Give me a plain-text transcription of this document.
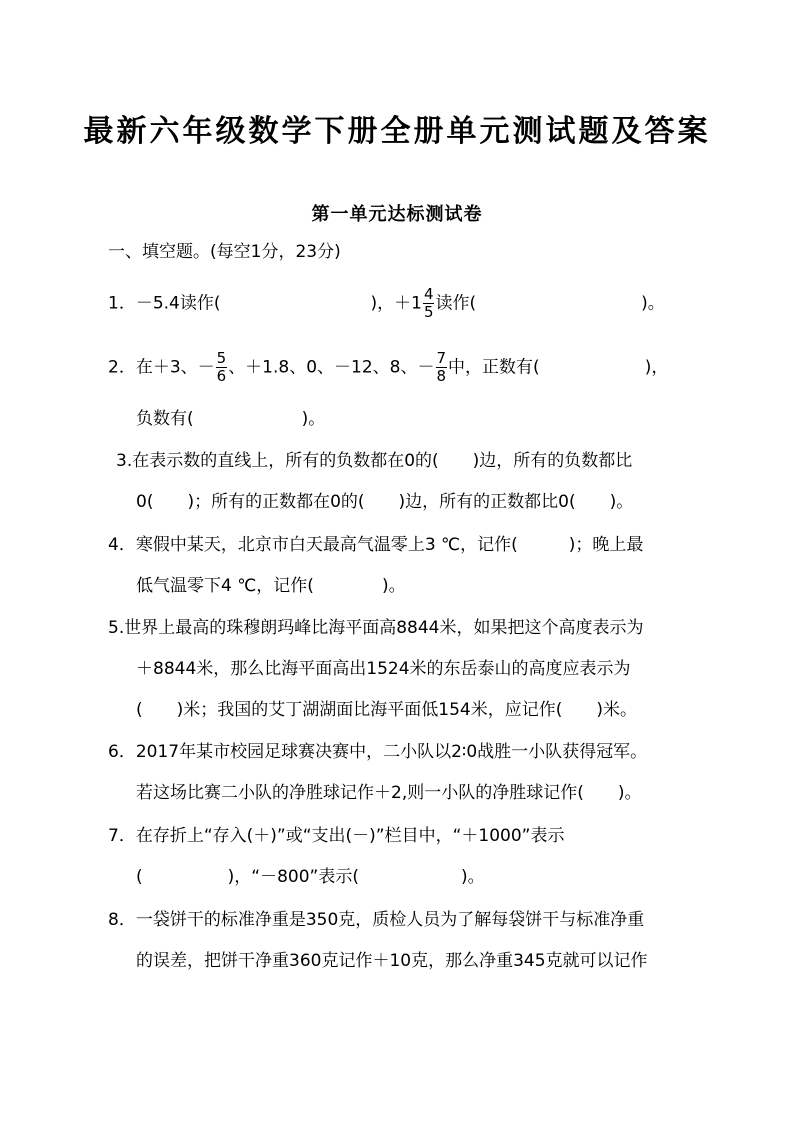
最新六年级数学下册全册单元测试题及答案
第一单元达标测试卷
一、填空题。(每空1分，23分)
1．－5.4读作(	)，$+1 \frac{4}{5}$ 读作(	)。
2．在＋3、－ $\frac{5}{6}$ 、＋1.8、0、－12、8、－ $\frac{7}{8}$ 中，正数有(	)，
负数有(	)。
3.在表示数的直线上，所有的负数都在0的(　　)边，所有的负数都比
0(　　)；所有的正数都在0的(　　)边，所有的正数都比0(　　)。
4．寒假中某天，北京市白天最高气温零上3 ℃，记作(　　　)；晚上最
低气温零下4 ℃，记作(　　　　)。
5.世界上最高的珠穆朗玛峰比海平面高8844米，如果把这个高度表示为
＋8844米，那么比海平面高出1524米的东岳泰山的高度应表示为
(　　)米；我国的艾丁湖湖面比海平面低154米，应记作(　　)米。
6．2017年某市校园足球赛决赛中，二小队以2∶0战胜一小队获得冠军。
若这场比赛二小队的净胜球记作＋2,则一小队的净胜球记作(　　)。
7．在存折上“存入(＋)”或“支出(－)”栏目中，“＋1000”表示
(　　　　　)，“－800”表示(　　　　　　)。
8．一袋饼干的标准净重是350克，质检人员为了解每袋饼干与标准净重
的误差，把饼干净重360克记作＋10克，那么净重345克就可以记作
